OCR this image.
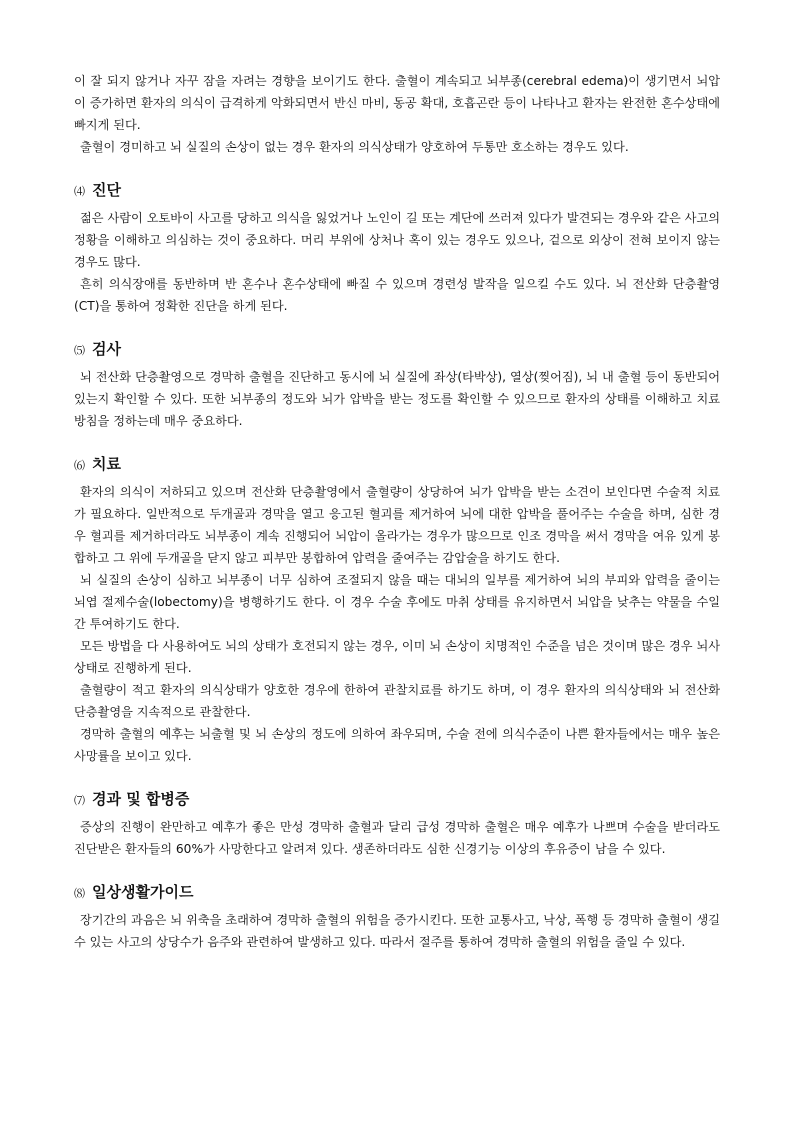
이 잘 되지 않거나 자꾸 잠을 자려는 경향을 보이기도 한다. 출혈이 계속되고 뇌부종(cerebral edema)이 생기면서 뇌압이 증가하면 환자의 의식이 급격하게 악화되면서 반신 마비, 동공 확대, 호흡곤란 등이 나타나고 환자는 완전한 혼수상태에 빠지게 된다.

출혈이 경미하고 뇌 실질의 손상이 없는 경우 환자의 의식상태가 양호하여 두통만 호소하는 경우도 있다.

⑷ 진단

젊은 사람이 오토바이 사고를 당하고 의식을 잃었거나 노인이 길 또는 계단에 쓰러져 있다가 발견되는 경우와 같은 사고의 정황을 이해하고 의심하는 것이 중요하다. 머리 부위에 상처나 혹이 있는 경우도 있으나, 겉으로 외상이 전혀 보이지 않는 경우도 많다.

흔히 의식장애를 동반하며 반 혼수나 혼수상태에 빠질 수 있으며 경련성 발작을 일으킬 수도 있다. 뇌 전산화 단층촬영(CT)을 통하여 정확한 진단을 하게 된다.

⑸ 검사

뇌 전산화 단층촬영으로 경막하 출혈을 진단하고 동시에 뇌 실질에 좌상(타박상), 열상(찢어짐), 뇌 내 출혈 등이 동반되어 있는지 확인할 수 있다. 또한 뇌부종의 정도와 뇌가 압박을 받는 정도를 확인할 수 있으므로 환자의 상태를 이해하고 치료방침을 정하는데 매우 중요하다.

⑹ 치료

환자의 의식이 저하되고 있으며 전산화 단층촬영에서 출혈량이 상당하여 뇌가 압박을 받는 소견이 보인다면 수술적 치료가 필요하다. 일반적으로 두개골과 경막을 열고 응고된 혈괴를 제거하여 뇌에 대한 압박을 풀어주는 수술을 하며, 심한 경우 혈괴를 제거하더라도 뇌부종이 계속 진행되어 뇌압이 올라가는 경우가 많으므로 인조 경막을 써서 경막을 여유 있게 봉합하고 그 위에 두개골을 닫지 않고 피부만 봉합하여 압력을 줄여주는 감압술을 하기도 한다.

뇌 실질의 손상이 심하고 뇌부종이 너무 심하여 조절되지 않을 때는 대뇌의 일부를 제거하여 뇌의 부피와 압력을 줄이는 뇌엽 절제수술(lobectomy)을 병행하기도 한다. 이 경우 수술 후에도 마취 상태를 유지하면서 뇌압을 낮추는 약물을 수일간 투여하기도 한다.

모든 방법을 다 사용하여도 뇌의 상태가 호전되지 않는 경우, 이미 뇌 손상이 치명적인 수준을 넘은 것이며 많은 경우 뇌사 상태로 진행하게 된다.

출혈량이 적고 환자의 의식상태가 양호한 경우에 한하여 관찰치료를 하기도 하며, 이 경우 환자의 의식상태와 뇌 전산화 단층촬영을 지속적으로 관찰한다.

경막하 출혈의 예후는 뇌출혈 및 뇌 손상의 정도에 의하여 좌우되며, 수술 전에 의식수준이 나쁜 환자들에서는 매우 높은 사망률을 보이고 있다.

⑺ 경과 및 합병증

증상의 진행이 완만하고 예후가 좋은 만성 경막하 출혈과 달리 급성 경막하 출혈은 매우 예후가 나쁘며 수술을 받더라도 진단받은 환자들의 60%가 사망한다고 알려져 있다. 생존하더라도 심한 신경기능 이상의 후유증이 남을 수 있다.

⑻ 일상생활가이드

장기간의 과음은 뇌 위축을 초래하여 경막하 출혈의 위험을 증가시킨다. 또한 교통사고, 낙상, 폭행 등 경막하 출혈이 생길 수 있는 사고의 상당수가 음주와 관련하여 발생하고 있다. 따라서 절주를 통하여 경막하 출혈의 위험을 줄일 수 있다.
